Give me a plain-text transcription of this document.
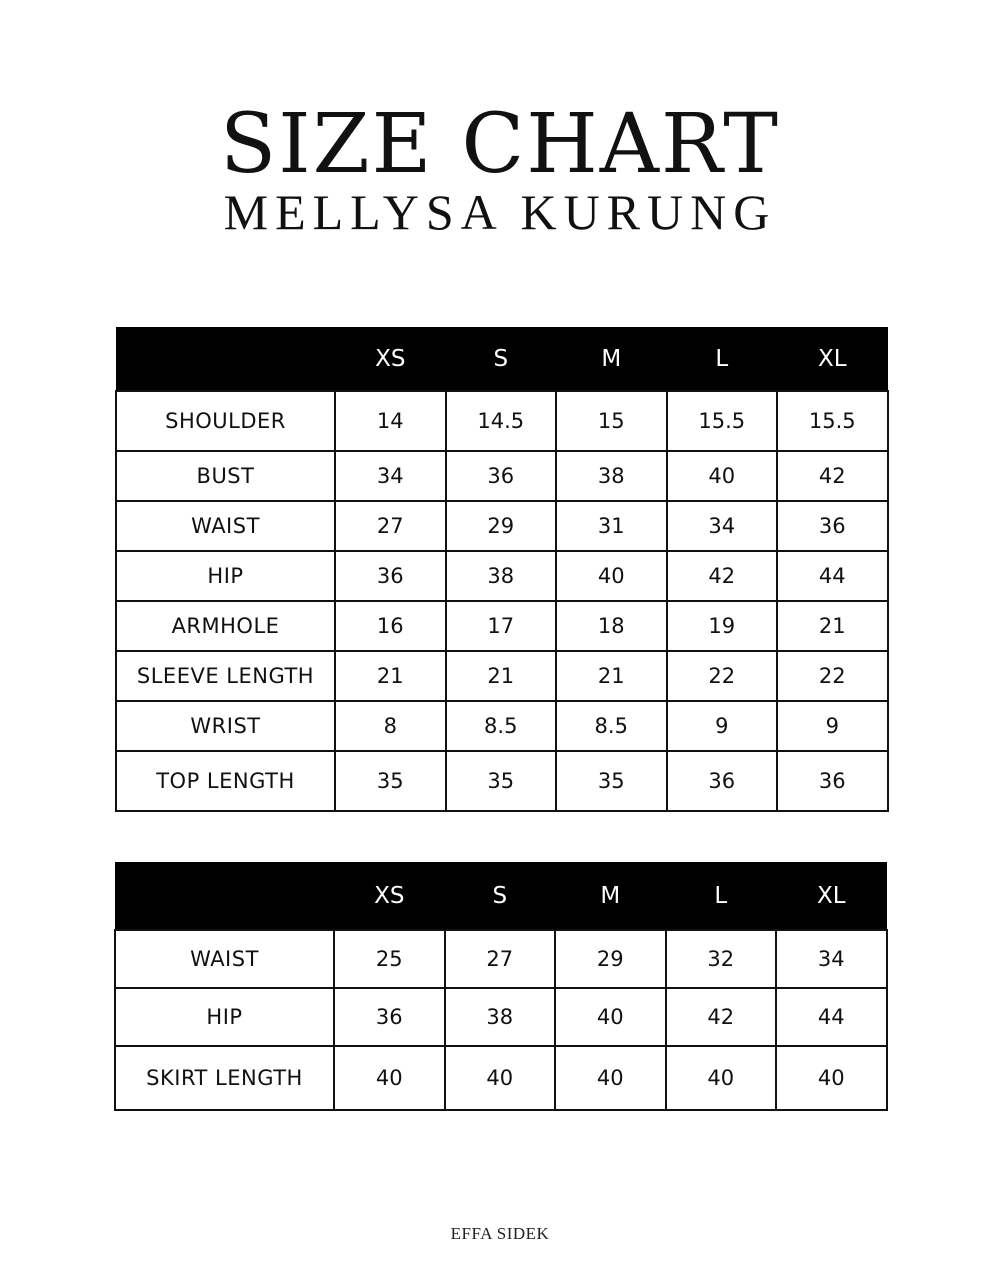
SIZE CHART
MELLYSA KURUNG
	XS	S	M	L	XL
SHOULDER	14	14.5	15	15.5	15.5
BUST	34	36	38	40	42
WAIST	27	29	31	34	36
HIP	36	38	40	42	44
ARMHOLE	16	17	18	19	21
SLEEVE LENGTH	21	21	21	22	22
WRIST	8	8.5	8.5	9	9
TOP LENGTH	35	35	35	36	36
	XS	S	M	L	XL
WAIST	25	27	29	32	34
HIP	36	38	40	42	44
SKIRT LENGTH	40	40	40	40	40
EFFA SIDEK
